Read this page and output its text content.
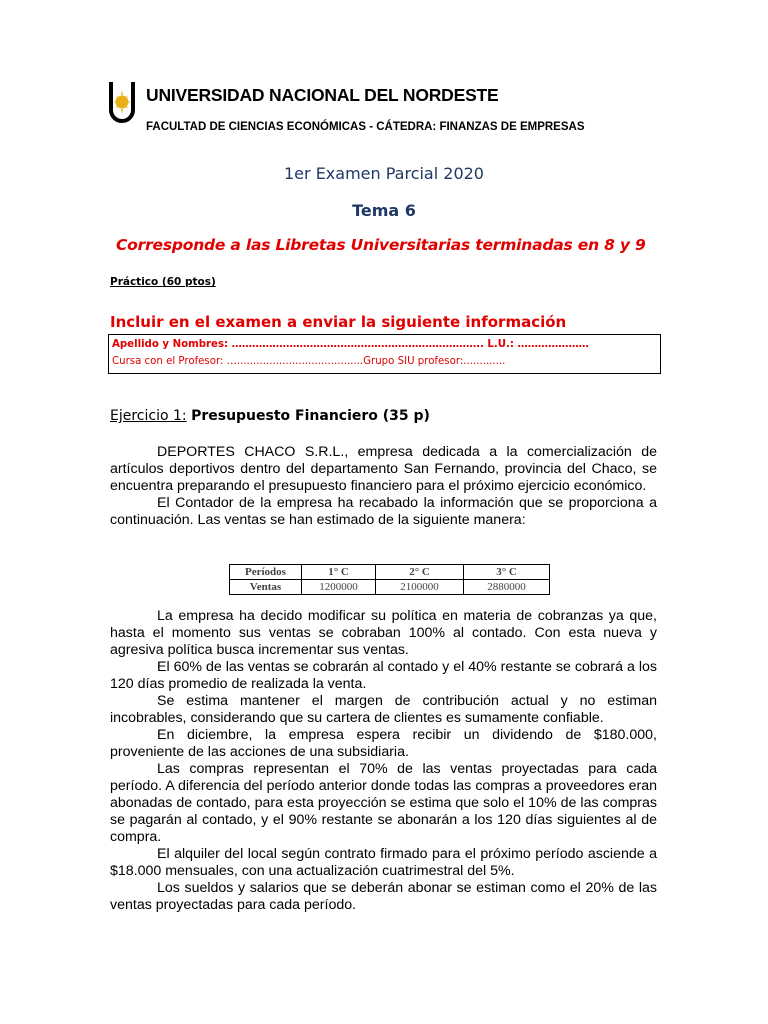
UNIVERSIDAD NACIONAL DEL NORDESTE
FACULTAD DE CIENCIAS ECONÓMICAS - CÁTEDRA: FINANZAS DE EMPRESAS
1er Examen Parcial 2020
Tema 6
Corresponde a las Libretas Universitarias terminadas en 8 y 9
Práctico (60 ptos)
Incluir en el examen a enviar la siguiente información
Apellido y Nombres: ……………………………………………………………….. L.U.: …………………
Cursa con el Profesor: ….......................................Grupo SIU profesor:.............
Ejercicio 1: Presupuesto Financiero (35 p)

DEPORTES CHACO S.R.L., empresa dedicada a la comercialización de artículos deportivos dentro del departamento San Fernando, provincia del Chaco, se encuentra preparando el presupuesto financiero para el próximo ejercicio económico.

El Contador de la empresa ha recabado la información que se proporciona a continuación. Las ventas se han estimado de la siguiente manera:

Períodos	1° C	2° C	3° C
Ventas	1200000	2100000	2880000

La empresa ha decido modificar su política en materia de cobranzas ya que, hasta el momento sus ventas se cobraban 100% al contado. Con esta nueva y agresiva política busca incrementar sus ventas.

El 60% de las ventas se cobrarán al contado y el 40% restante se cobrará a los 120 días promedio de realizada la venta.

Se estima mantener el margen de contribución actual y no estiman incobrables, considerando que su cartera de clientes es sumamente confiable.

En diciembre, la empresa espera recibir un dividendo de $180.000, proveniente de las acciones de una subsidiaria.

Las compras representan el 70% de las ventas proyectadas para cada período. A diferencia del período anterior donde todas las compras a proveedores eran abonadas de contado, para esta proyección se estima que solo el 10% de las compras se pagarán al contado, y el 90% restante se abonarán a los 120 días siguientes al de compra.

El alquiler del local según contrato firmado para el próximo período asciende a $18.000 mensuales, con una actualización cuatrimestral del 5%.

Los sueldos y salarios que se deberán abonar se estiman como el 20% de las ventas proyectadas para cada período.
